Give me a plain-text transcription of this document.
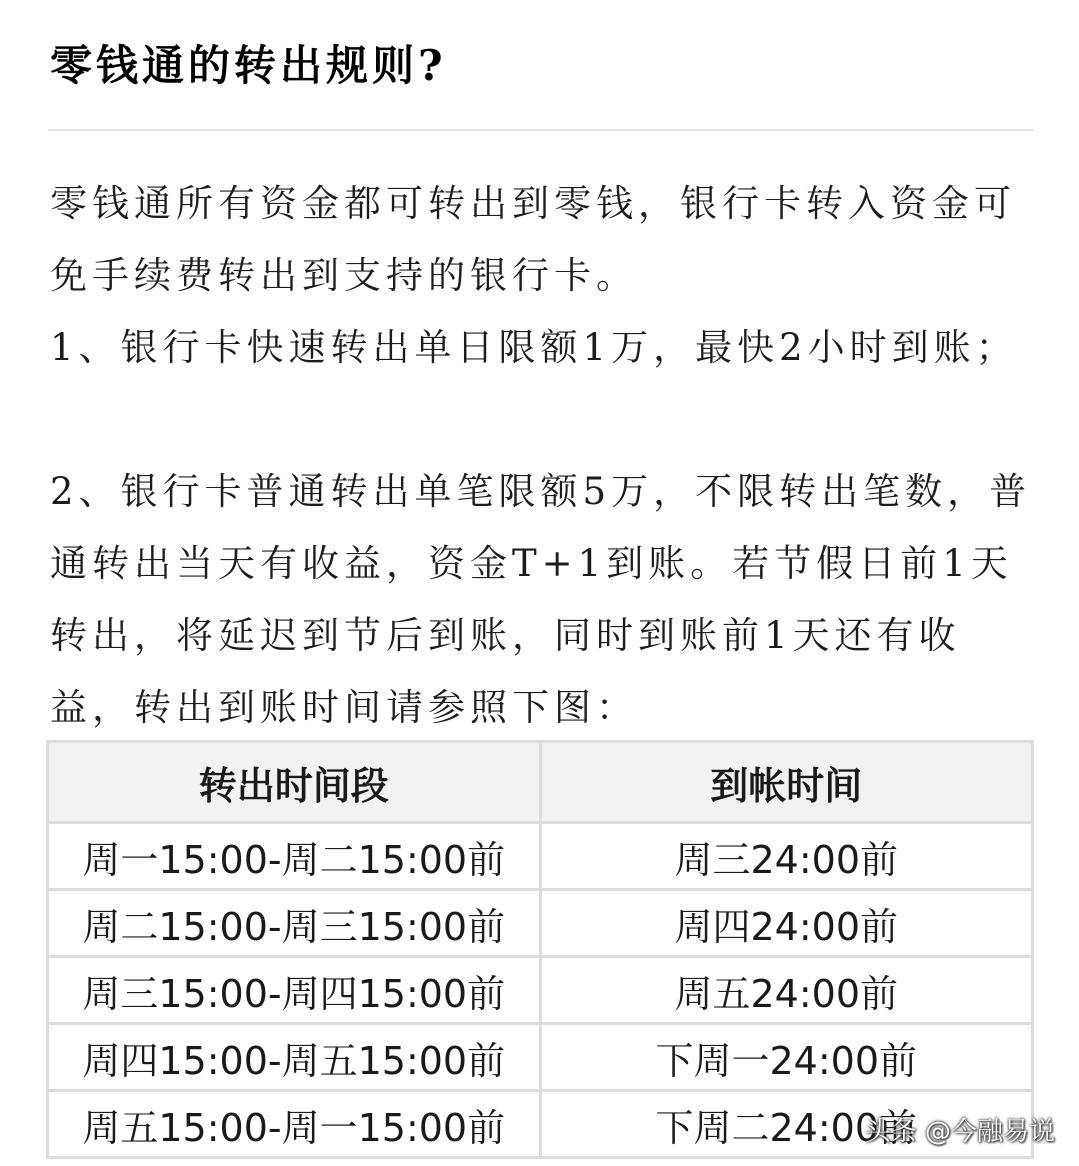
零钱通的转出规则?
零钱通所有资金都可转出到零钱，银行卡转入资金可免手续费转出到支持的银行卡。
1、银行卡快速转出单日限额1万，最快2小时到账；
2、银行卡普通转出单笔限额5万，不限转出笔数，普通转出当天有收益，资金T+1到账。若节假日前1天转出，将延迟到节后到账，同时到账前1天还有收益，转出到账时间请参照下图：
转出时间段	到帐时间
周一15:00-周二15:00前	周三24:00前
周二15:00-周三15:00前	周四24:00前
周三15:00-周四15:00前	周五24:00前
周四15:00-周五15:00前	下周一24:00前
周五15:00-周一15:00前	下周二24:00前
头条 @今融易说
